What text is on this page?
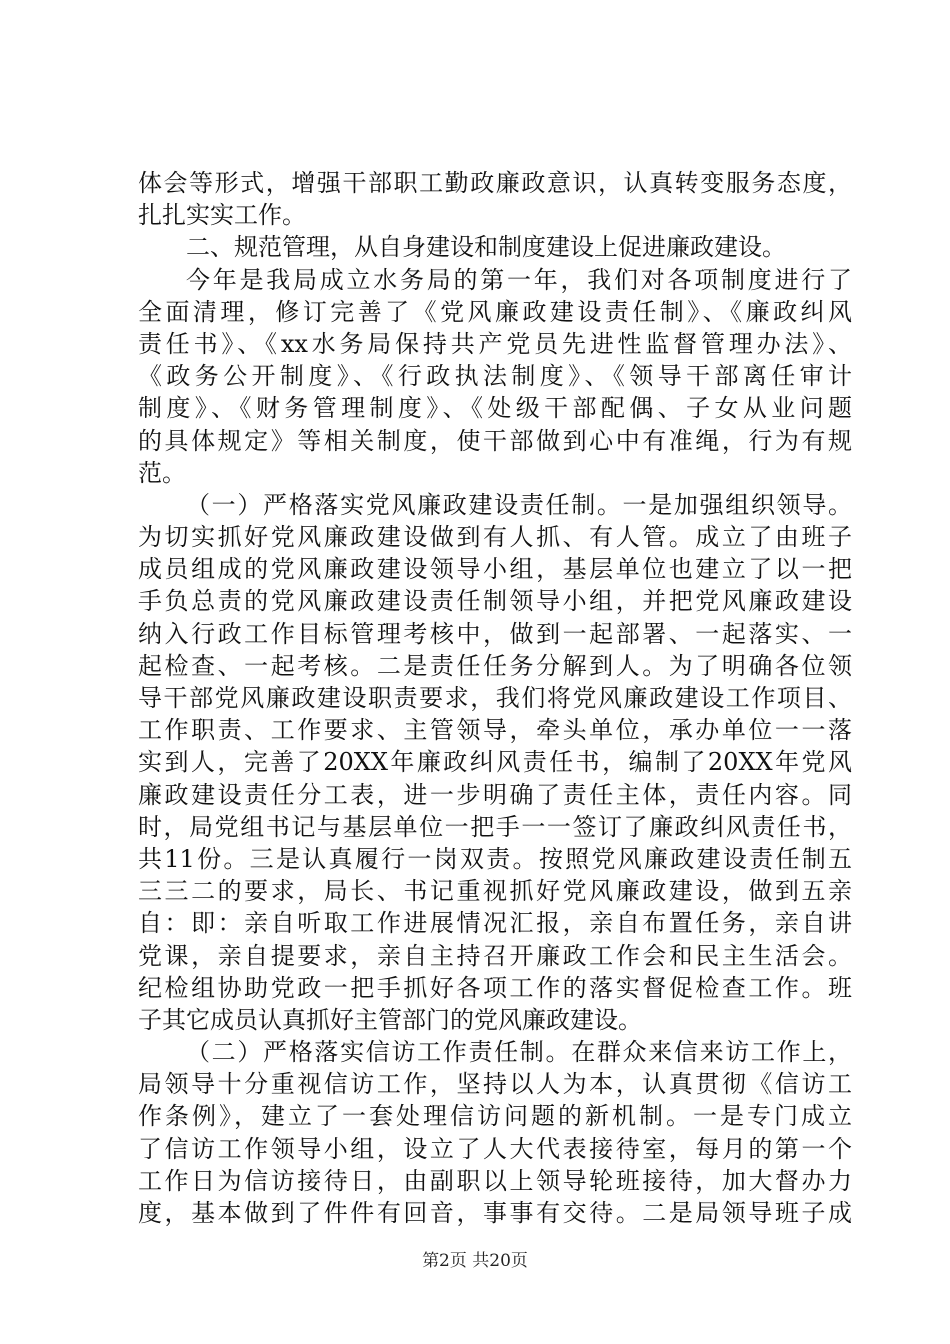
体会等形式，增强干部职工勤政廉政意识，认真转变服务态度，
扎扎实实工作。
二、规范管理，从自身建设和制度建设上促进廉政建设。
今年是我局成立水务局的第一年，我们对各项制度进行了
全面清理，修订完善了《党风廉政建设责任制》、《廉政纠风
责任书》、《xx水务局保持共产党员先进性监督管理办法》、
《政务公开制度》、《行政执法制度》、《领导干部离任审计
制度》、《财务管理制度》、《处级干部配偶、子女从业问题
的具体规定》等相关制度，使干部做到心中有准绳，行为有规
范。
（一）严格落实党风廉政建设责任制。一是加强组织领导。
为切实抓好党风廉政建设做到有人抓、有人管。成立了由班子
成员组成的党风廉政建设领导小组，基层单位也建立了以一把
手负总责的党风廉政建设责任制领导小组，并把党风廉政建设
纳入行政工作目标管理考核中，做到一起部署、一起落实、一
起检查、一起考核。二是责任任务分解到人。为了明确各位领
导干部党风廉政建设职责要求，我们将党风廉政建设工作项目、
工作职责、工作要求、主管领导，牵头单位，承办单位一一落
实到人，完善了20XX年廉政纠风责任书，编制了20XX年党风
廉政建设责任分工表，进一步明确了责任主体，责任内容。同
时，局党组书记与基层单位一把手一一签订了廉政纠风责任书，
共11份。三是认真履行一岗双责。按照党风廉政建设责任制五
三三二的要求，局长、书记重视抓好党风廉政建设，做到五亲
自：即：亲自听取工作进展情况汇报，亲自布置任务，亲自讲
党课，亲自提要求，亲自主持召开廉政工作会和民主生活会。
纪检组协助党政一把手抓好各项工作的落实督促检查工作。班
子其它成员认真抓好主管部门的党风廉政建设。
（二）严格落实信访工作责任制。在群众来信来访工作上，
局领导十分重视信访工作，坚持以人为本，认真贯彻《信访工
作条例》，建立了一套处理信访问题的新机制。一是专门成立
了信访工作领导小组，设立了人大代表接待室，每月的第一个
工作日为信访接待日，由副职以上领导轮班接待，加大督办力
度，基本做到了件件有回音，事事有交待。二是局领导班子成
第2页 共20页
